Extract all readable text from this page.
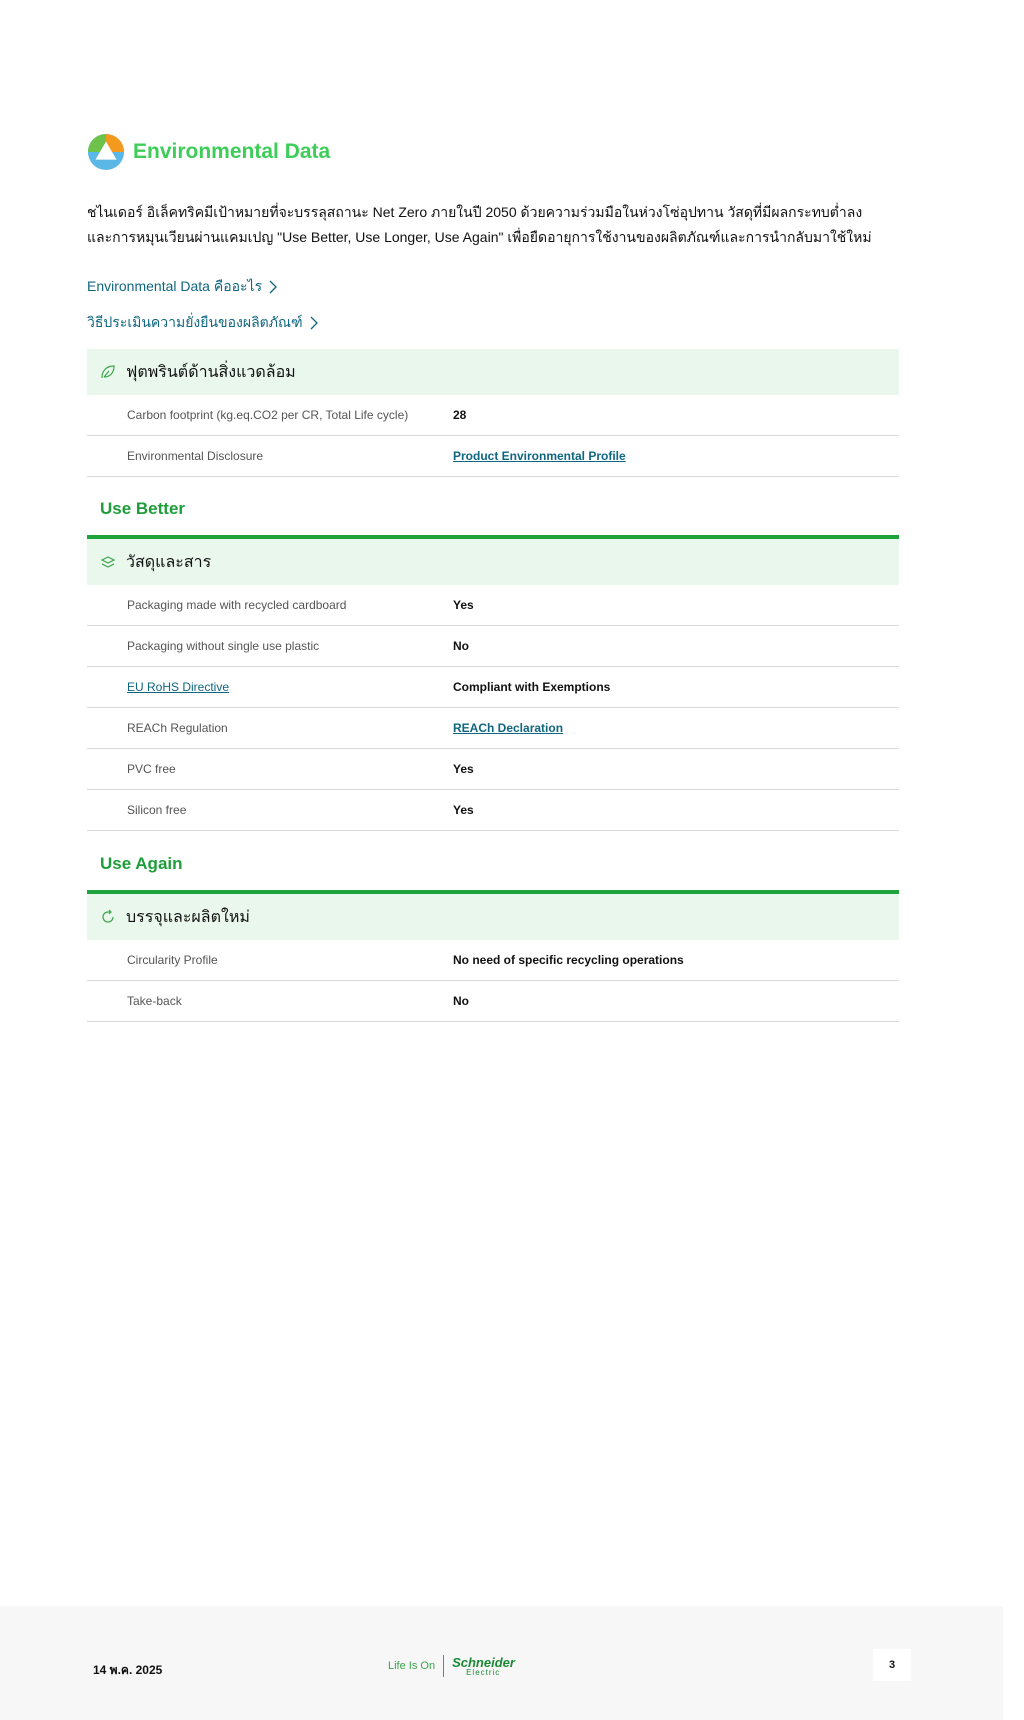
Environmental Data
ชไนเดอร์ อิเล็คทริคมีเป้าหมายที่จะบรรลุสถานะ Net Zero ภายในปี 2050 ด้วยความร่วมมือในห่วงโซ่อุปทาน วัสดุที่มีผลกระทบต่ำลง
และการหมุนเวียนผ่านแคมเปญ "Use Better, Use Longer, Use Again" เพื่อยืดอายุการใช้งานของผลิตภัณฑ์และการนำกลับมาใช้ใหม่
Environmental Data คืออะไร
วิธีประเมินความยั่งยืนของผลิตภัณฑ์
ฟุตพรินต์ด้านสิ่งแวดล้อม
Carbon footprint (kg.eq.CO2 per CR, Total Life cycle)	28
Environmental Disclosure	Product Environmental Profile
Use Better
วัสดุและสาร
Packaging made with recycled cardboard	Yes
Packaging without single use plastic	No
EU RoHS Directive	Compliant with Exemptions
REACh Regulation	REACh Declaration
PVC free	Yes
Silicon free	Yes
Use Again
บรรจุและผลิตใหม่
Circularity Profile	No need of specific recycling operations
Take-back	No
14 พ.ค. 2025	Life Is On Schneider
Electric
3
